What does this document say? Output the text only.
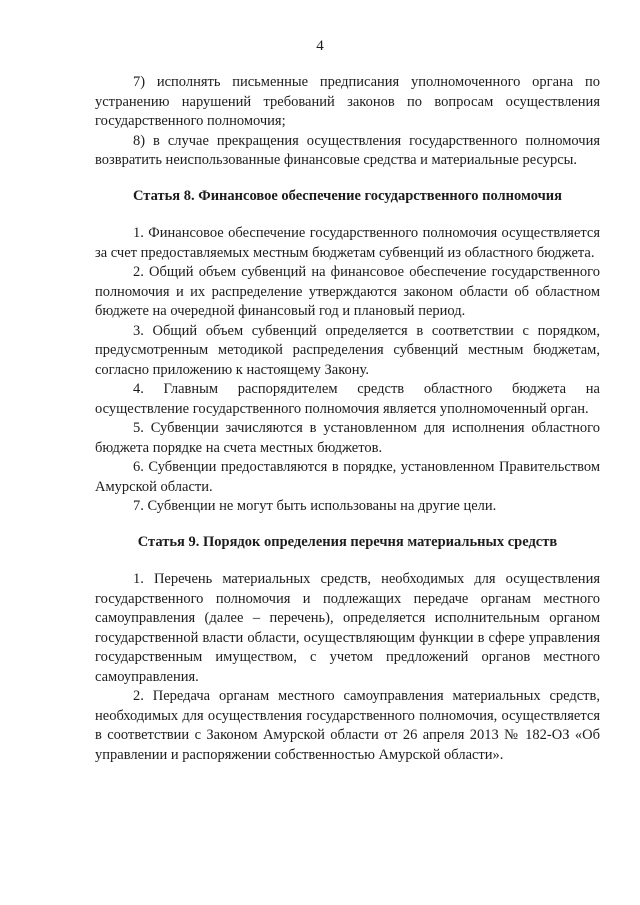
4

7) исполнять письменные предписания уполномоченного органа по устранению нарушений требований законов по вопросам осуществления государственного полномочия;

8) в случае прекращения осуществления государственного полномочия возвратить неиспользованные финансовые средства и материальные ресурсы.

Статья 8. Финансовое обеспечение государственного полномочия

1. Финансовое обеспечение государственного полномочия осуществляется за счет предоставляемых местным бюджетам субвенций из областного бюджета.

2. Общий объем субвенций на финансовое обеспечение государственного полномочия и их распределение утверждаются законом области об областном бюджете на очередной финансовый год и плановый период.

3. Общий объем субвенций определяется в соответствии с порядком, предусмотренным методикой распределения субвенций местным бюджетам, согласно приложению к настоящему Закону.

4. Главным распорядителем средств областного бюджета на осуществление государственного полномочия является уполномоченный орган.

5. Субвенции зачисляются в установленном для исполнения областного бюджета порядке на счета местных бюджетов.

6. Субвенции предоставляются в порядке, установленном Правительством Амурской области.

7. Субвенции не могут быть использованы на другие цели.

Статья 9. Порядок определения перечня материальных средств

1. Перечень материальных средств, необходимых для осуществления государственного полномочия и подлежащих передаче органам местного самоуправления (далее – перечень), определяется исполнительным органом государственной власти области, осуществляющим функции в сфере управления государственным имуществом, с учетом предложений органов местного самоуправления.

2. Передача органам местного самоуправления материальных средств, необходимых для осуществления государственного полномочия, осуществляется в соответствии с Законом Амурской области от 26 апреля 2013 № 182-ОЗ «Об управлении и распоряжении собственностью Амурской области».
